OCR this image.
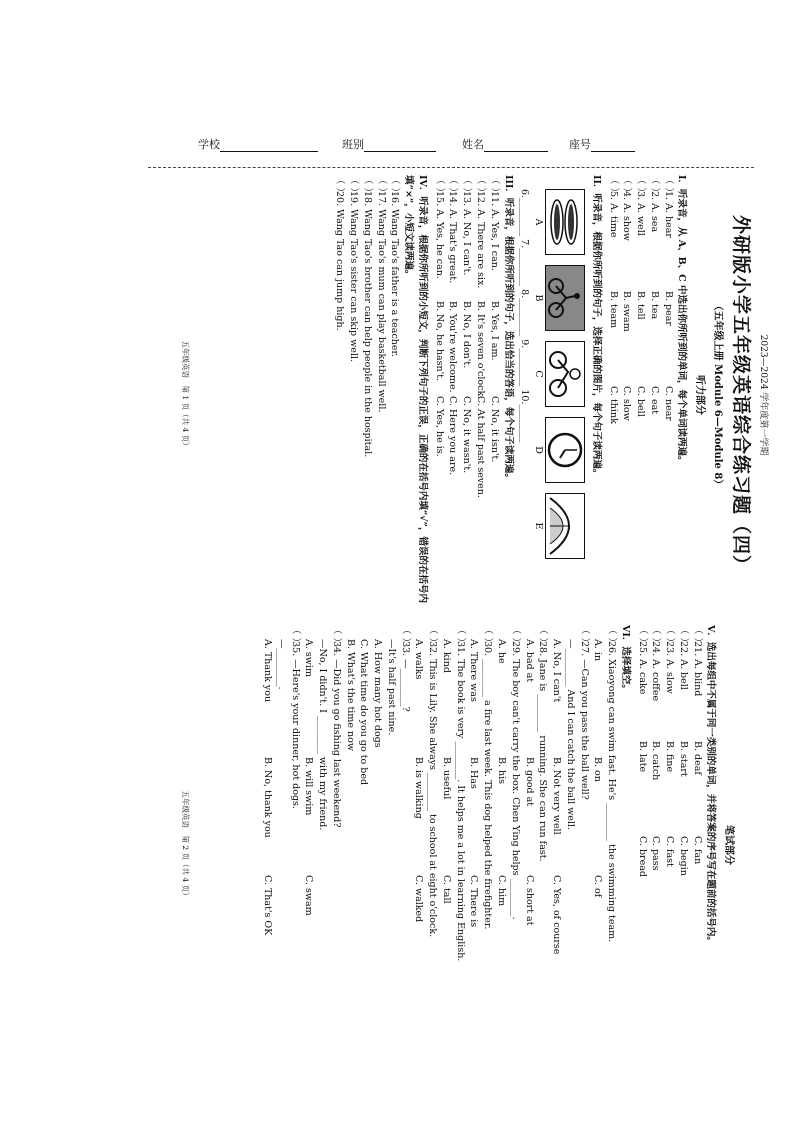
学校	班别	姓名	座号
2023—2024 学年度第一学期
外研版小学五年级英语综合练习题（四）
（五年级上册 Module 6—Module 8）
听力部分
I．听录音，从 A、B、C 中选出你所听到的单词，每个单词读两遍。
（ ）
1. A. hear
B. pear
C. near
（ ）
2. A. sea
B. tea
C. eat
（ ）
3. A. well
B. tell
C. bell
（ ）
4. A. show
B. swam
C. slow
（ ）
5. A. time
B. team
C. think
II．听录音，根据你所听到的句子，选择正确的图片，每个句子读两遍。
A
B
C
D
E
6.________ 7.________ 8.________ 9.________ 10.________
III．听录音，根据你所听到的句子，选出恰当的答语，每个句子读两遍。
（ ）
11. A. Yes, I can.
B. Yes, I am.
C. No, it isn't.
（ ）
12. A. There are six.
B. It's seven o'clock.
C. At half past seven.
（ ）
13. A. No, I can't.
B. No, I don't.
C. No, it wasn't.
（ ）
14. A. That's great.
B. You're welcome.
C. Here you are.
（ ）
15. A. Yes, he can.
B. No, he hasn't.
C. Yes, he is.
IV．听录音，根据你所听到的小短文，判断下列句子的正误，正确的在括号内填“√”，错误的在括号内填“×”，小短文读两遍。
（ ）
16. Wang Tao's father is a teacher.
（ ）
17. Wang Tao's mum can play basketball well.
（ ）
18. Wang Tao's brother can help people in the hospital.
（ ）
19. Wang Tao's sister can skip well.
（ ）
20. Wang Tao can jump high.
五年级英语　第 1 页（共 4 页）
笔试部分
V．选出每组中不属于同一类别的单词，并将答案的序号写在题前的括号内。
（ ）
21. A. blind
B. deaf
C. fan
（ ）
22. A. bell
B. start
C. begin
（ ）
23. A. slow
B. fine
C. fast
（ ）
24. A. coffee
B. catch
C. pass
（ ）
25. A. cake
B. late
C. bread
VI．选择填空。
（ ）
26. Xiaoyong can swim fast. He's ________ the swimming team.
A. in
B. on
C. of
（ ）
27. —Can you pass the ball well?
—________ And I can catch the ball well.
A. No, I can't
B. Not very well
C. Yes, of course
（ ）
28. Jane is ________ running. She can run fast.
A. bad at
B. good at
C. short at
（ ）
29. The boy can't carry the box. Chen Ying helps ________.
A. he
B. his
C. him
（ ）
30. ________ a fire last week. This dog helped the firefighter.
A. There was
B. Has
C. There is
（ ）
31. The book is very ________. It helps me a lot in learning English.
A. kind
B. useful
C. tall
（ ）
32. This is Lily. She always ________ to school at eight o'clock.
A. walks
B. is walking
C. walked
（ ）
33. —________?
—It's half past nine.
A. How many hot dogs
C. What time do you go to bed
B. What's the time now
（ ）
34. —Did you go fishing last weekend?
—No, I didn't. I ________ with my friend.
A. swim
B. will swim
C. swam
（ ）
35. —Here's your dinner, hot dogs.
—________.
A. Thank you
B. No, thank you
C. That's OK
五年级英语　第 2 页（共 4 页）
